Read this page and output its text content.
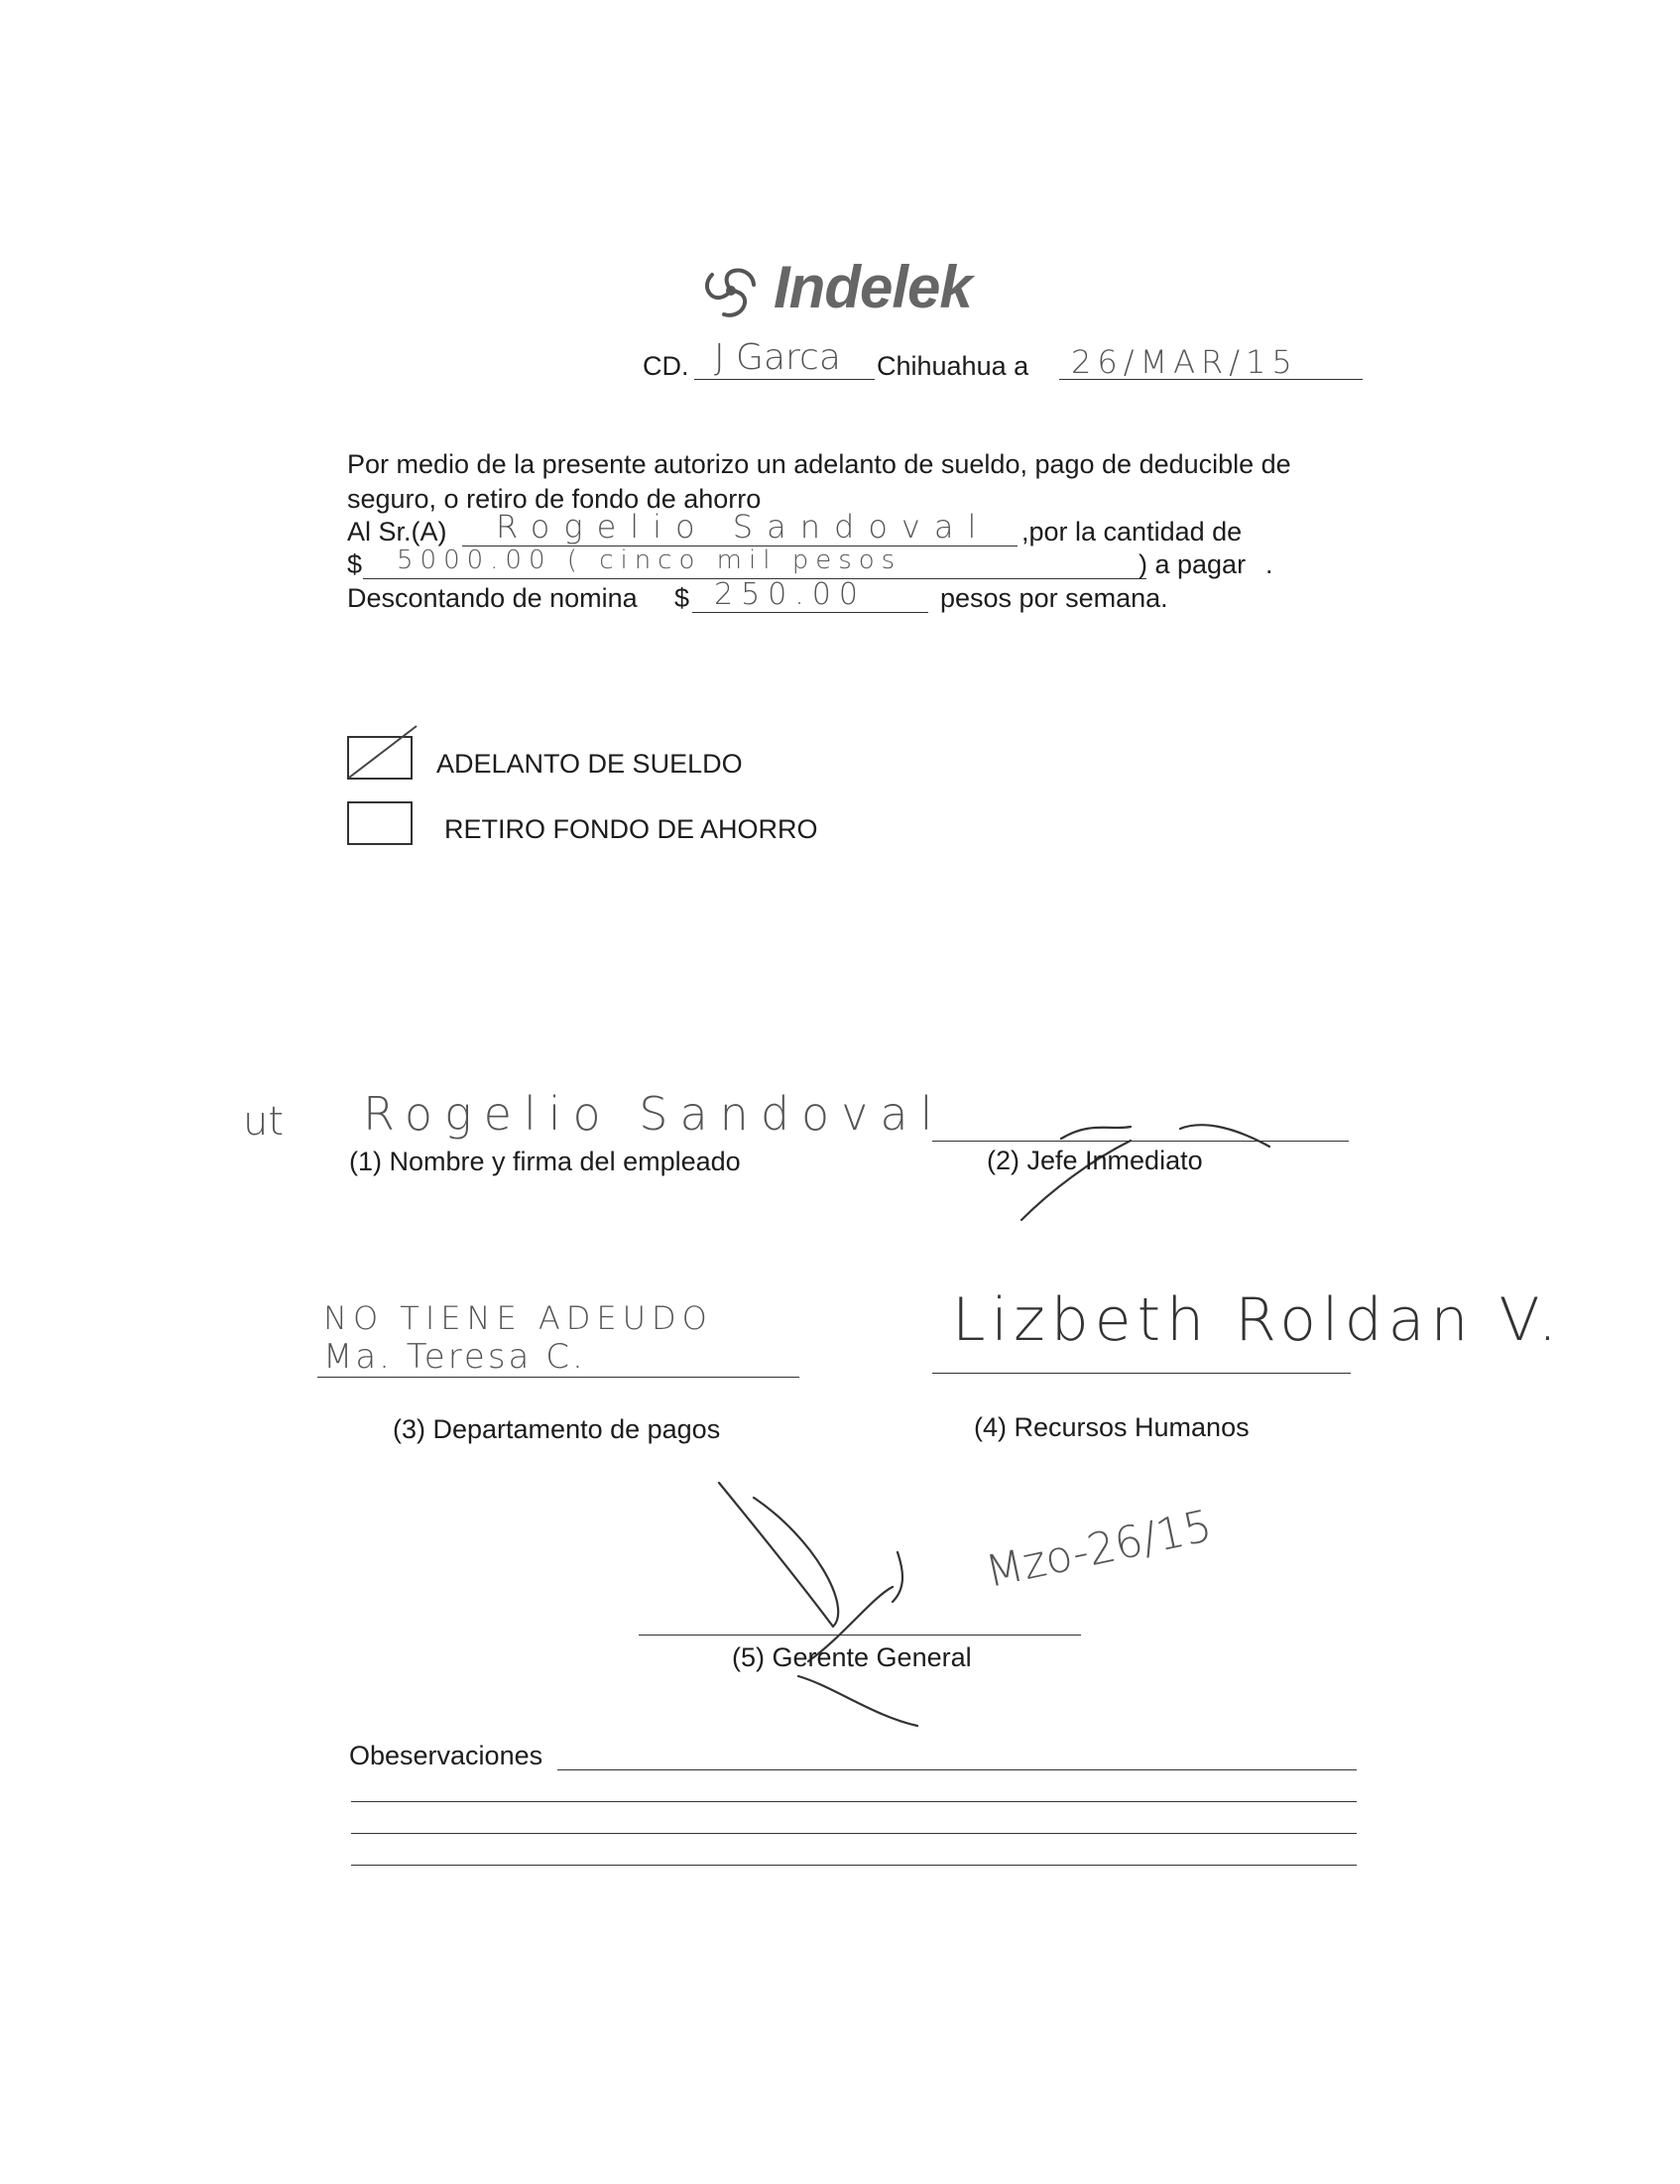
Indelek
CD. J Garca Chihuahua a 26/MAR/15
Por medio de la presente autorizo un adelanto de sueldo, pago de deducible de
seguro, o retiro de fondo de ahorro
Al Sr.(A) Rogelio Sandoval ,por la cantidad de
$ 5000.00 ( cinco mil pesos	) a pagar .
Descontando de nomina $ 250.00	pesos por semana.
ADELANTO DE SUELDO
RETIRO FONDO DE AHORRO
ut Rogelio Sandoval
(1) Nombre y firma del empleado	(2) Jefe Inmediato
NO TIENE ADEUDO
Ma. Teresa C.
(3) Departamento de pagos
Lizbeth Roldan V.
(4) Recursos Humanos
Mzo-26/15
(5) Gerente General
Obeservaciones
